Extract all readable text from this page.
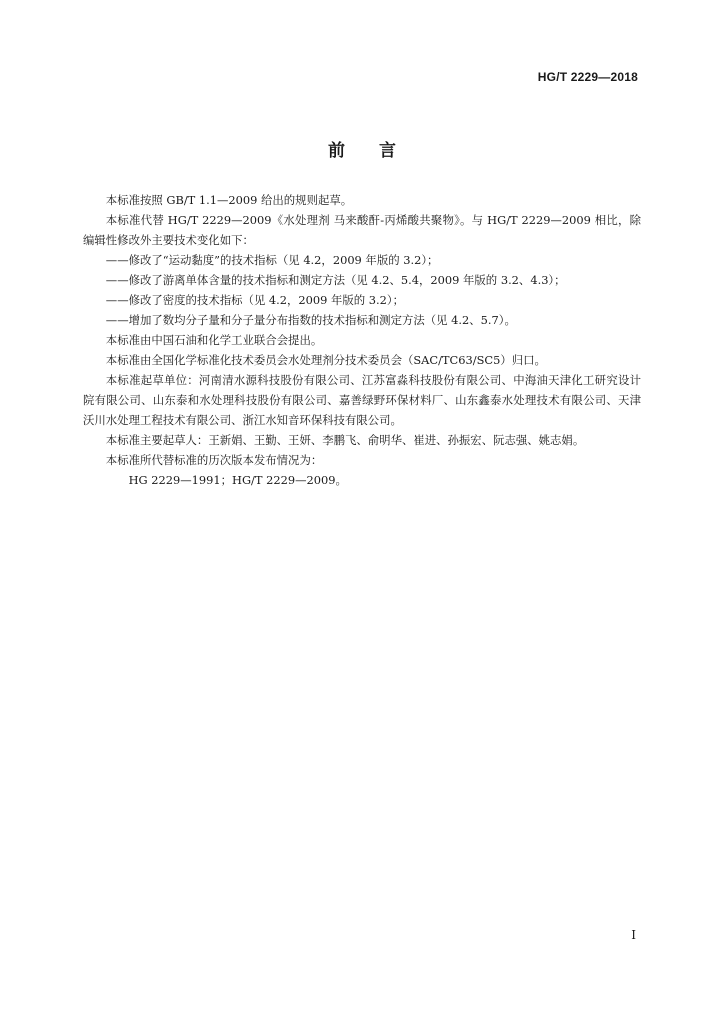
HG/T 2229—2018
前言

本标准按照 GB/T 1.1—2009 给出的规则起草。

本标准代替 HG/T 2229—2009《水处理剂 马来酸酐-丙烯酸共聚物》。与 HG/T 2229—2009 相比，除编辑性修改外主要技术变化如下：

——修改了“运动黏度”的技术指标（见 4.2，2009 年版的 3.2）；

——修改了游离单体含量的技术指标和测定方法（见 4.2、5.4，2009 年版的 3.2、4.3）；

——修改了密度的技术指标（见 4.2，2009 年版的 3.2）；

——增加了数均分子量和分子量分布指数的技术指标和测定方法（见 4.2、5.7）。

本标准由中国石油和化学工业联合会提出。

本标准由全国化学标准化技术委员会水处理剂分技术委员会（SAC/TC63/SC5）归口。

本标准起草单位：河南清水源科技股份有限公司、江苏富淼科技股份有限公司、中海油天津化工研究设计院有限公司、山东泰和水处理科技股份有限公司、嘉善绿野环保材料厂、山东鑫泰水处理技术有限公司、天津沃川水处理工程技术有限公司、浙江水知音环保科技有限公司。

本标准主要起草人：王新娟、王勤、王妍、李鹏飞、俞明华、崔进、孙振宏、阮志强、姚志娟。

本标准所代替标准的历次版本发布情况为：

HG 2229—1991；HG/T 2229—2009。

I
